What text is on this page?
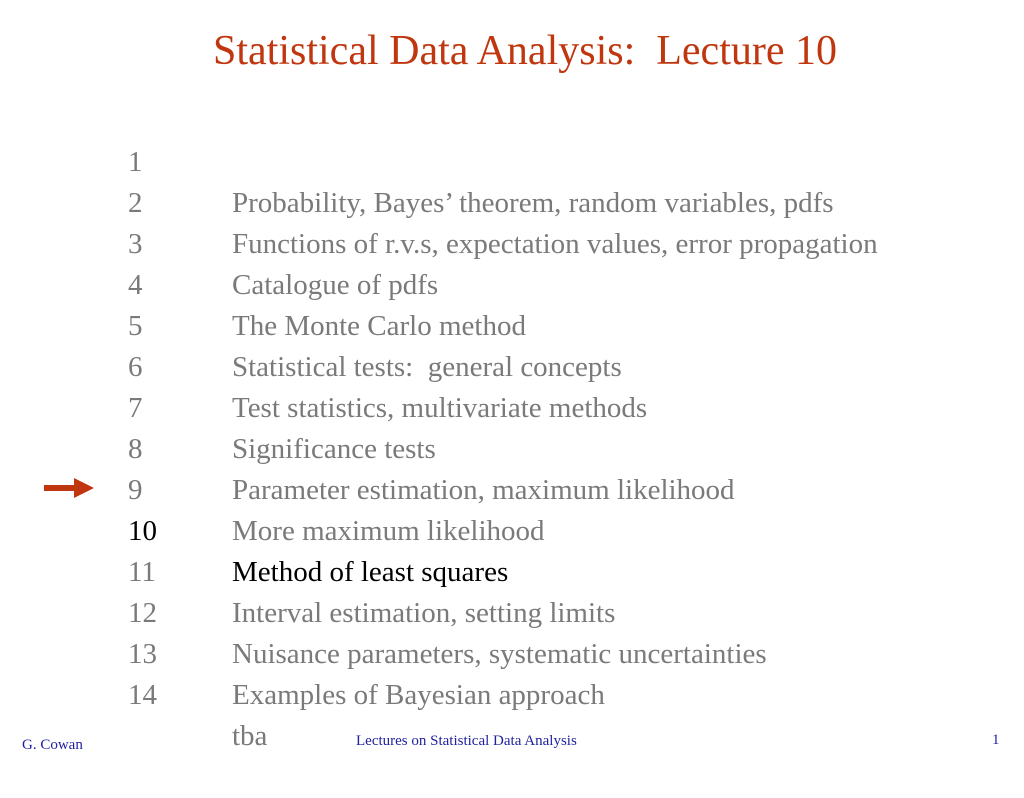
Statistical Data Analysis:  Lecture 10

1

Probability, Bayes’ theorem, random variables, pdfs

2

Functions of r.v.s, expectation values, error propagation

3

Catalogue of pdfs

4

The Monte Carlo method

5

Statistical tests:  general concepts

6

Test statistics, multivariate methods

7

Significance tests

8

Parameter estimation, maximum likelihood

9

More maximum likelihood

10

Method of least squares

11

Interval estimation, setting limits

12

Nuisance parameters, systematic uncertainties

13

Examples of Bayesian approach

14

tba

G. Cowan	Lectures on Statistical Data Analysis	1
